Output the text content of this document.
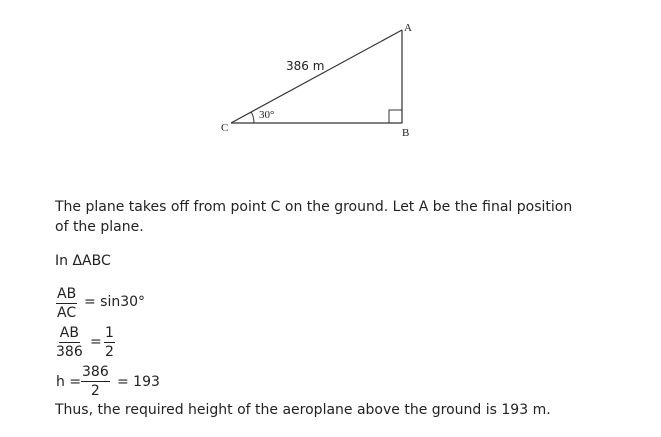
A
B
C
386 m
30°
The plane takes off from point C on the ground. Let A be the final position
of the plane.
In ΔABC
$\frac{AB}{AC} = \sin 30^\circ$
$\frac{AB}{386} = \frac{1}{2}$
$h = \frac{386}{2} = 193$
Thus, the required height of the aeroplane above the ground is 193 m.
